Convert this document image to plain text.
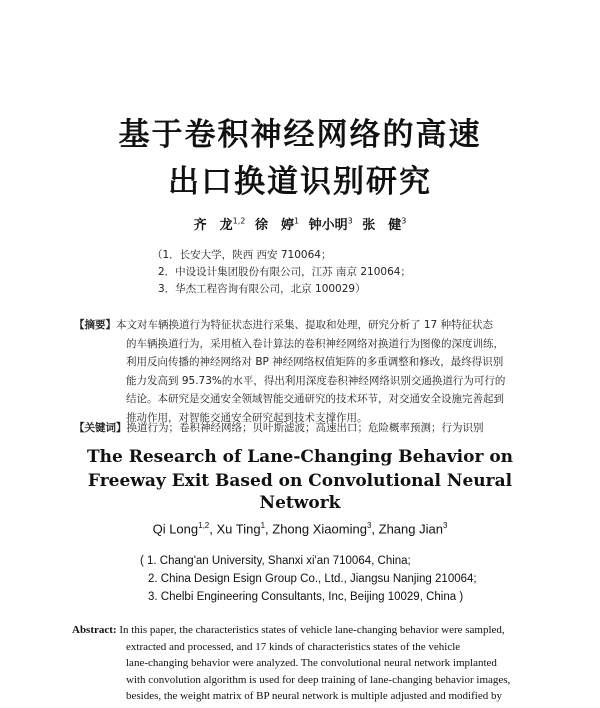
基于卷积神经网络的高速
出口换道识别研究
齐　龙$^{1,2}$ 徐　婷$^1$ 钟小明$^3$ 张　健$^3$
（1．长安大学，陕西 西安 710064；
2．中设设计集团股份有限公司，江苏 南京 210064；
3．华杰工程咨询有限公司，北京 100029）
【摘要】本文对车辆换道行为特征状态进行采集、提取和处理，研究分析了 17 种特征状态
的车辆换道行为，采用植入卷计算法的卷积神经网络对换道行为图像的深度训练，
利用反向传播的神经网络对 BP 神经网络权值矩阵的多重调整和修改，最终得识别
能力发高到 95.73%的水平，得出利用深度卷积神经网络识别交通换道行为可行的
结论。本研究是交通安全领域智能交通研究的技术环节，对交通安全设施完善起到
推动作用，对智能交通安全研究起到技术支撑作用。
【关键词】换道行为；卷积神经网络；贝叶斯滤波；高速出口；危险概率预测；行为识别
The Research of Lane-Changing Behavior on
Freeway Exit Based on Convolutional Neural
Network
Qi Long$^{1,2}$, Xu Ting$^1$, Zhong Xiaoming$^3$, Zhang Jian$^3$
( 1. Chang'an University, Shanxi xi'an 710064, China;
2. China Design Esign Group Co., Ltd., Jiangsu Nanjing 210064;
3. Chelbi Engineering Consultants, Inc, Beijing 10029, China )
Abstract: In this paper, the characteristics states of vehicle lane-changing behavior were sampled,
extracted and processed, and 17 kinds of characteristics states of the vehicle
lane-changing behavior were analyzed. The convolutional neural network implanted
with convolution algorithm is used for deep training of lane-changing behavior images,
besides, the weight matrix of BP neural network is multiple adjusted and modified by
